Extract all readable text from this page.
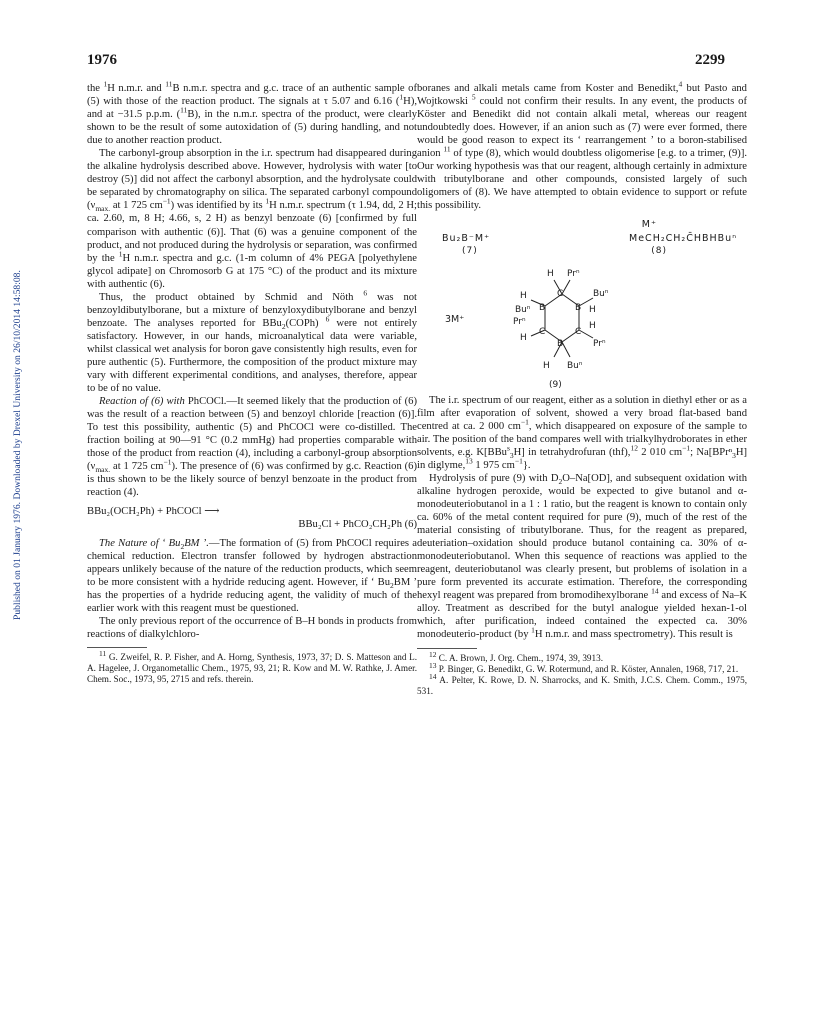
1976	2299
Published on 01 January 1976. Downloaded by Drexel University on 26/10/2014 14:58:08.

the $^1$H n.m.r. and $^{11}$B n.m.r. spectra and g.c. trace of an authentic sample of (5) with those of the reaction product. The signals at τ 5.07 and 6.16 ($^1$H), and at −31.5 p.p.m. ($^{11}$B), in the n.m.r. spectra of the product, were clearly shown to be the result of some autoxidation of (5) during handling, and not due to another reaction product.

The carbonyl-group absorption in the i.r. spectrum had disappeared during the alkaline hydrolysis described above. However, hydrolysis with water [to destroy (5)] did not affect the carbonyl absorption, and the hydrolysate could be separated by chromatography on silica. The separated carbonyl compound ($\nu_{max.}$ at 1 725 $cm^{-1}$) was identified by its $^1$H n.m.r. spectrum (τ 1.94, dd, 2 H; ca. 2.60, m, 8 H; 4.66, s, 2 H) as benzyl benzoate (6) [confirmed by full comparison with authentic (6)]. That (6) was a genuine component of the product, and not produced during the hydrolysis or separation, was confirmed by the $^1$H n.m.r. spectra and g.c. (1-m column of 4% PEGA [polyethylene glycol adipate] on Chromosorb G at 175 °C) of the product and its mixture with authentic (6).

Thus, the product obtained by Schmid and Nöth $^6$ was not benzoyldibutylborane, but a mixture of benzyloxydibutylborane and benzyl benzoate. The analyses reported for BBu$_2$(COPh) $^6$ were not entirely satisfactory. However, in our hands, microanalytical data were variable, whilst classical wet analysis for boron gave consistently high results, even for pure authentic (5). Furthermore, the composition of the product mixture may vary with different experimental conditions, and analyses, therefore, appear to be of no value.

Reaction of (6) with PhCOCl.—It seemed likely that the production of (6) was the result of a reaction between (5) and benzoyl chloride [reaction (6)]. To test this possibility, authentic (5) and PhCOCl were co-distilled. The fraction boiling at 90—91 °C (0.2 mmHg) had properties comparable with those of the product from reaction (4), including a carbonyl-group absorption ($\nu_{max.}$ at 1 725 $cm^{-1}$). The presence of (6) was confirmed by g.c. Reaction (6) is thus shown to be the likely source of benzyl benzoate in the product from reaction (4).

BBu₂(OCH₂Ph) + PhCOCl ⟶
BBu₂Cl + PhCO₂CH₂Ph (6)

The Nature of ‘ $Bu_2BM$ ’.—The formation of (5) from PhCOCl requires a chemical reduction. Electron transfer followed by hydrogen abstraction appears unlikely because of the nature of the reduction products, which seem to be more consistent with a hydride reducing agent. However, if ‘ $Bu_2BM$ ’ has the properties of a hydride reducing agent, the validity of much of the earlier work with this reagent must be questioned.

The only previous report of the occurrence of B–H bonds in products from reactions of dialkylchloro-

$^{11}$ G. Zweifel, R. P. Fisher, and A. Horng, Synthesis, 1973, 37; D. S. Matteson and L. A. Hagelee, J. Organometallic Chem., 1975, 93, 21; R. Kow and M. W. Rathke, J. Amer. Chem. Soc., 1973, 95, 2715 and refs. therein.

boranes and alkali metals came from Koster and Benedikt,$^4$ but Pasto and Wojtkowski $^5$ could not confirm their results. In any event, the products of Köster and Benedikt did not contain alkali metal, whereas our reagent undoubtedly does. However, if an anion such as (7) were ever formed, there would be good reason to expect its ‘ rearrangement ’ to a boron-stabilised anion $^{11}$ of type (8), which would doubtless oligomerise [e.g. to a trimer, (9)]. Our working hypothesis was that our reagent, although certainly in admixture with tributylborane and other compounds, consisted largely of such oligomers of (8). We have attempted to obtain evidence to support or refute this possibility.

M⁺
Bu₂B⁻M⁺	MeCH₂CH₂C̄HBHBuⁿ
(7)	(8)
C
B
B	B
C
C
H Prⁿ
H Buⁿ
Buⁿ
H
H
Prⁿ
H
Buⁿ
Prⁿ
H
3M⁺
(9)

The i.r. spectrum of our reagent, either as a solution in diethyl ether or as a film after evaporation of solvent, showed a very broad flat-based band centred at ca. 2 000 $cm^{-1}$, which disappeared on exposure of the sample to air. The position of the band compares well with trialkylhydroborates in ether solvents, e.g. K[BBu$^s_3$H] in tetrahydrofuran (thf),$^{12}$ 2 010 $cm^{-1}$; Na[BPrⁿ$_3$H] in diglyme,$^{13}$ 1 975 $cm^{-1}$}.

Hydrolysis of pure (9) with $D_2O-Na[OD]$, and subsequent oxidation with alkaline hydrogen peroxide, would be expected to give butanol and α-monodeuteriobutanol in a 1 : 1 ratio, but the reagent is known to contain only ca. 60% of the metal content required for pure (9), much of the rest of the material consisting of tributylborane. Thus, for the reagent as prepared, deuteriation–oxidation should produce butanol containing ca. 30% of α-monodeuteriobutanol. When this sequence of reactions was applied to the reagent, deuteriobutanol was clearly present, but problems of isolation in a pure form prevented its accurate estimation. Therefore, the corresponding hexyl reagent was prepared from bromodihexylborane $^{14}$ and excess of Na–K alloy. Treatment as described for the butyl analogue yielded hexan-1-ol which, after purification, indeed contained the expected ca. 30% monodeuterio-product (by $^1$H n.m.r. and mass spectrometry). This result is

$^{12}$ C. A. Brown, J. Org. Chem., 1974, 39, 3913.

$^{13}$ P. Binger, G. Benedikt, G. W. Rotermund, and R. Köster, Annalen, 1968, 717, 21.

$^{14}$ A. Pelter, K. Rowe, D. N. Sharrocks, and K. Smith, J.C.S. Chem. Comm., 1975, 531.
